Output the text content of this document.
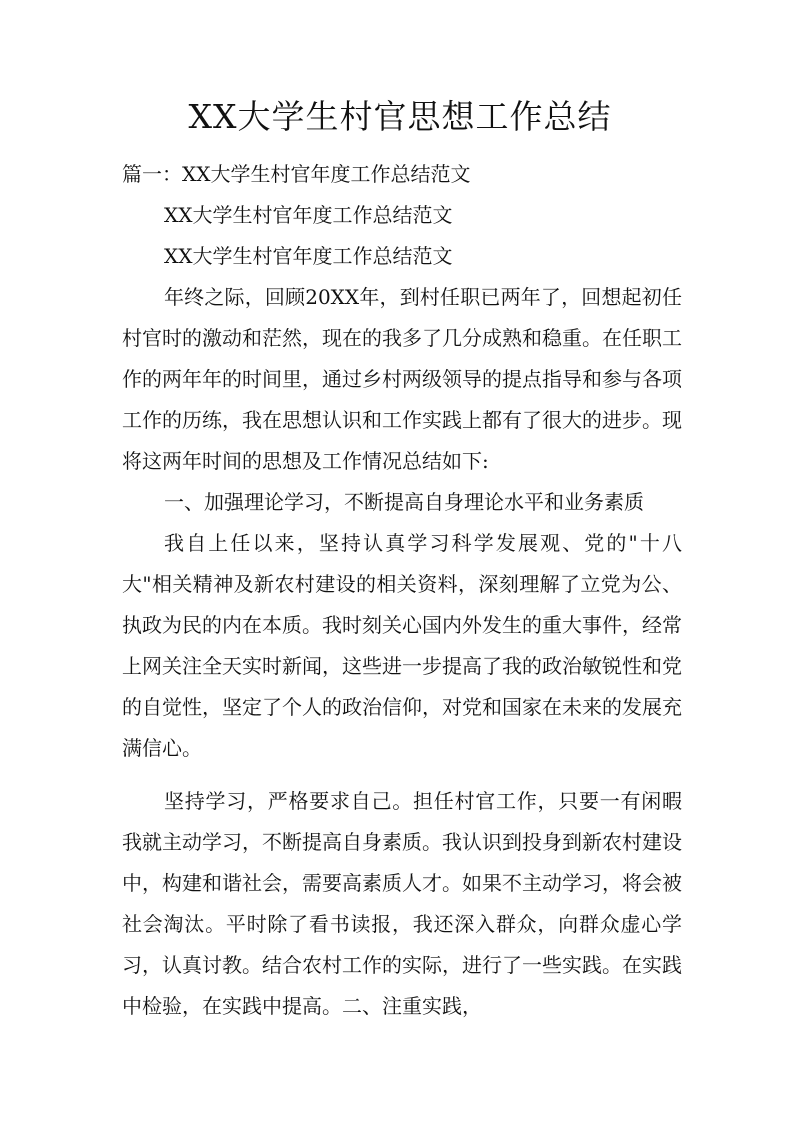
XX大学生村官思想工作总结

篇一：XX大学生村官年度工作总结范文

XX大学生村官年度工作总结范文

XX大学生村官年度工作总结范文

年终之际，回顾20XX年，到村任职已两年了，回想起初任村官时的激动和茫然，现在的我多了几分成熟和稳重。在任职工作的两年年的时间里，通过乡村两级领导的提点指导和参与各项工作的历练，我在思想认识和工作实践上都有了很大的进步。现将这两年时间的思想及工作情况总结如下:

一、加强理论学习，不断提高自身理论水平和业务素质

我自上任以来，坚持认真学习科学发展观、党的"十八大"相关精神及新农村建设的相关资料，深刻理解了立党为公、执政为民的内在本质。我时刻关心国内外发生的重大事件，经常上网关注全天实时新闻，这些进一步提高了我的政治敏锐性和党的自觉性，坚定了个人的政治信仰，对党和国家在未来的发展充满信心。

坚持学习，严格要求自己。担任村官工作，只要一有闲暇我就主动学习，不断提高自身素质。我认识到投身到新农村建设中，构建和谐社会，需要高素质人才。如果不主动学习，将会被社会淘汰。平时除了看书读报，我还深入群众，向群众虚心学习，认真讨教。结合农村工作的实际，进行了一些实践。在实践中检验，在实践中提高。二、注重实践，
